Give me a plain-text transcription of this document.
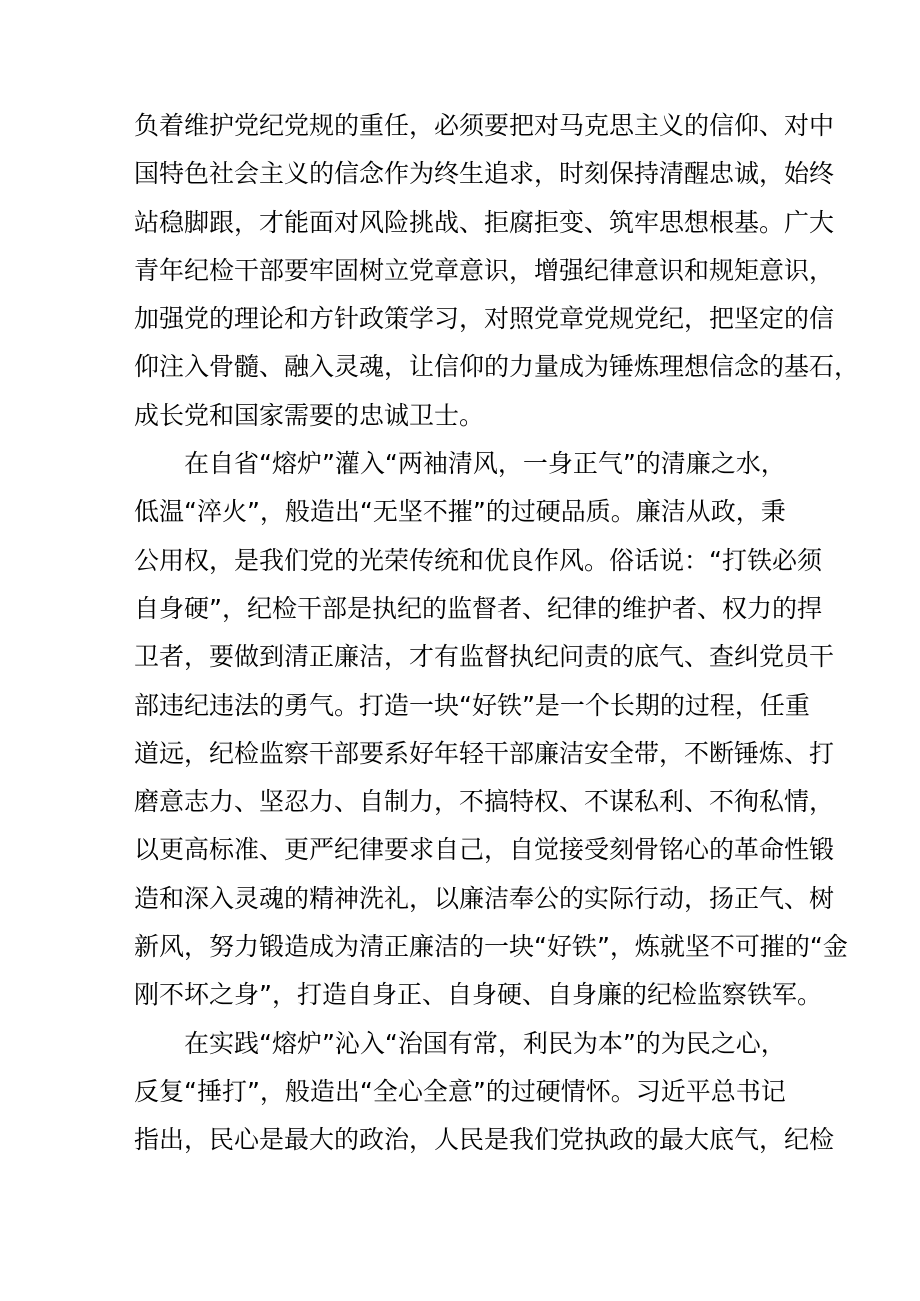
负着维护党纪党规的重任，必须要把对马克思主义的信仰、对中
国特色社会主义的信念作为终生追求，时刻保持清醒忠诚，始终
站稳脚跟，才能面对风险挑战、拒腐拒变、筑牢思想根基。广大
青年纪检干部要牢固树立党章意识，增强纪律意识和规矩意识，
加强党的理论和方针政策学习，对照党章党规党纪，把坚定的信
仰注入骨髓、融入灵魂，让信仰的力量成为锤炼理想信念的基石，
成长党和国家需要的忠诚卫士。
在自省“熔炉”灌入“两袖清风，一身正气”的清廉之水，
低温“淬火”，般造出“无坚不摧”的过硬品质。廉洁从政，秉
公用权，是我们党的光荣传统和优良作风。俗话说：“打铁必须
自身硬”，纪检干部是执纪的监督者、纪律的维护者、权力的捍
卫者，要做到清正廉洁，才有监督执纪问责的底气、查纠党员干
部违纪违法的勇气。打造一块“好铁”是一个长期的过程，任重
道远，纪检监察干部要系好年轻干部廉洁安全带，不断锤炼、打
磨意志力、坚忍力、自制力，不搞特权、不谋私利、不徇私情，
以更高标准、更严纪律要求自己，自觉接受刻骨铭心的革命性锻
造和深入灵魂的精神洗礼，以廉洁奉公的实际行动，扬正气、树
新风，努力锻造成为清正廉洁的一块“好铁”，炼就坚不可摧的“金
刚不坏之身”，打造自身正、自身硬、自身廉的纪检监察铁军。
在实践“熔炉”沁入“治国有常，利民为本”的为民之心，
反复“捶打”，般造出“全心全意”的过硬情怀。习近平总书记
指出，民心是最大的政治，人民是我们党执政的最大底气，纪检
